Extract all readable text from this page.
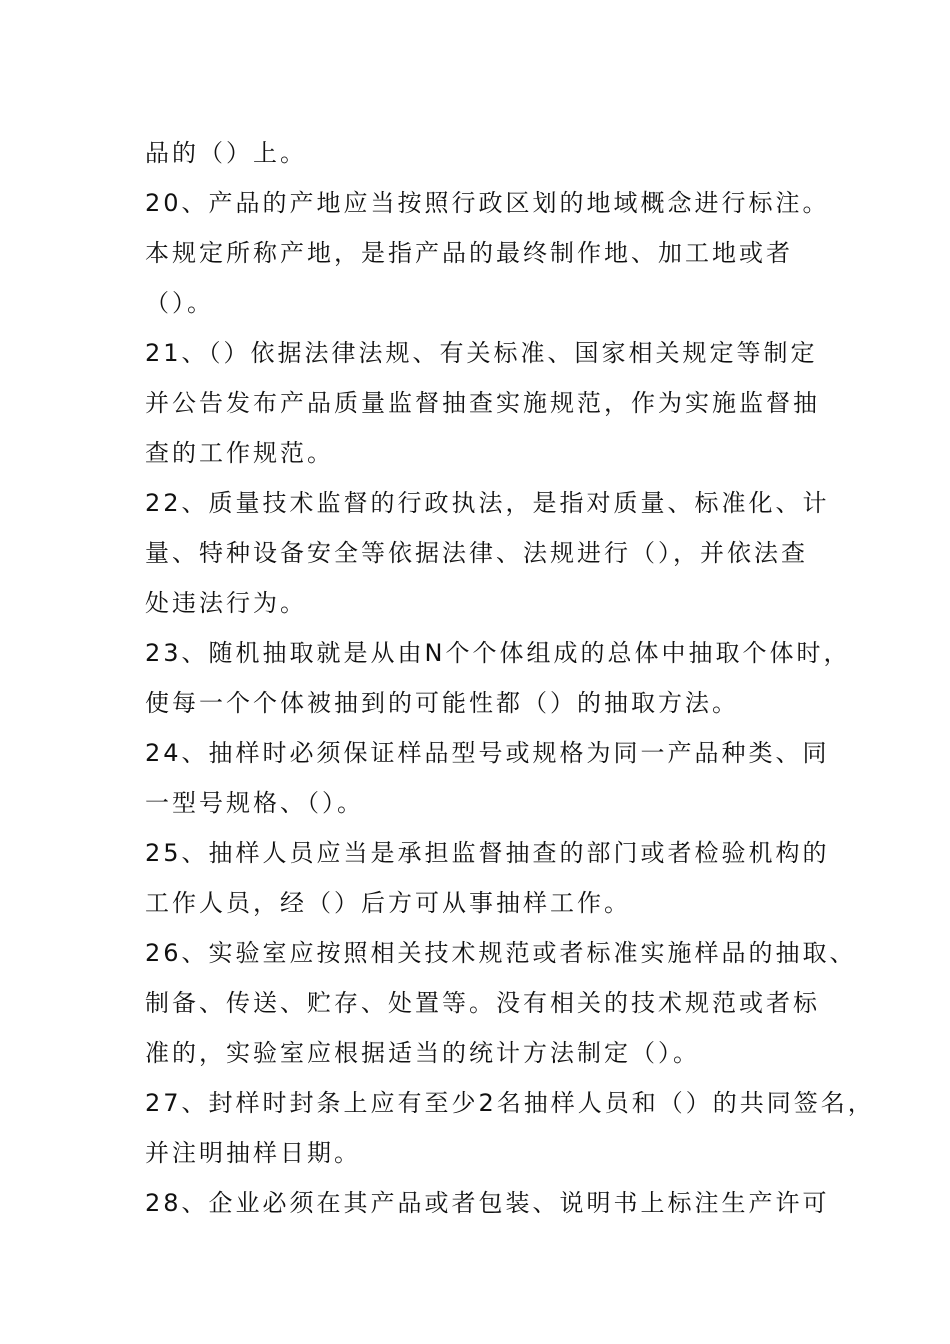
品的（）上。
20、产品的产地应当按照行政区划的地域概念进行标注。
本规定所称产地，是指产品的最终制作地、加工地或者
（）。
21、（）依据法律法规、有关标准、国家相关规定等制定
并公告发布产品质量监督抽查实施规范，作为实施监督抽
查的工作规范。
22、质量技术监督的行政执法，是指对质量、标准化、计
量、特种设备安全等依据法律、法规进行（），并依法查
处违法行为。
23、随机抽取就是从由N个个体组成的总体中抽取个体时，
使每一个个体被抽到的可能性都（）的抽取方法。
24、抽样时必须保证样品型号或规格为同一产品种类、同
一型号规格、（）。
25、抽样人员应当是承担监督抽查的部门或者检验机构的
工作人员，经（）后方可从事抽样工作。
26、实验室应按照相关技术规范或者标准实施样品的抽取、
制备、传送、贮存、处置等。没有相关的技术规范或者标
准的，实验室应根据适当的统计方法制定（）。
27、封样时封条上应有至少2名抽样人员和（）的共同签名，
并注明抽样日期。
28、企业必须在其产品或者包装、说明书上标注生产许可
